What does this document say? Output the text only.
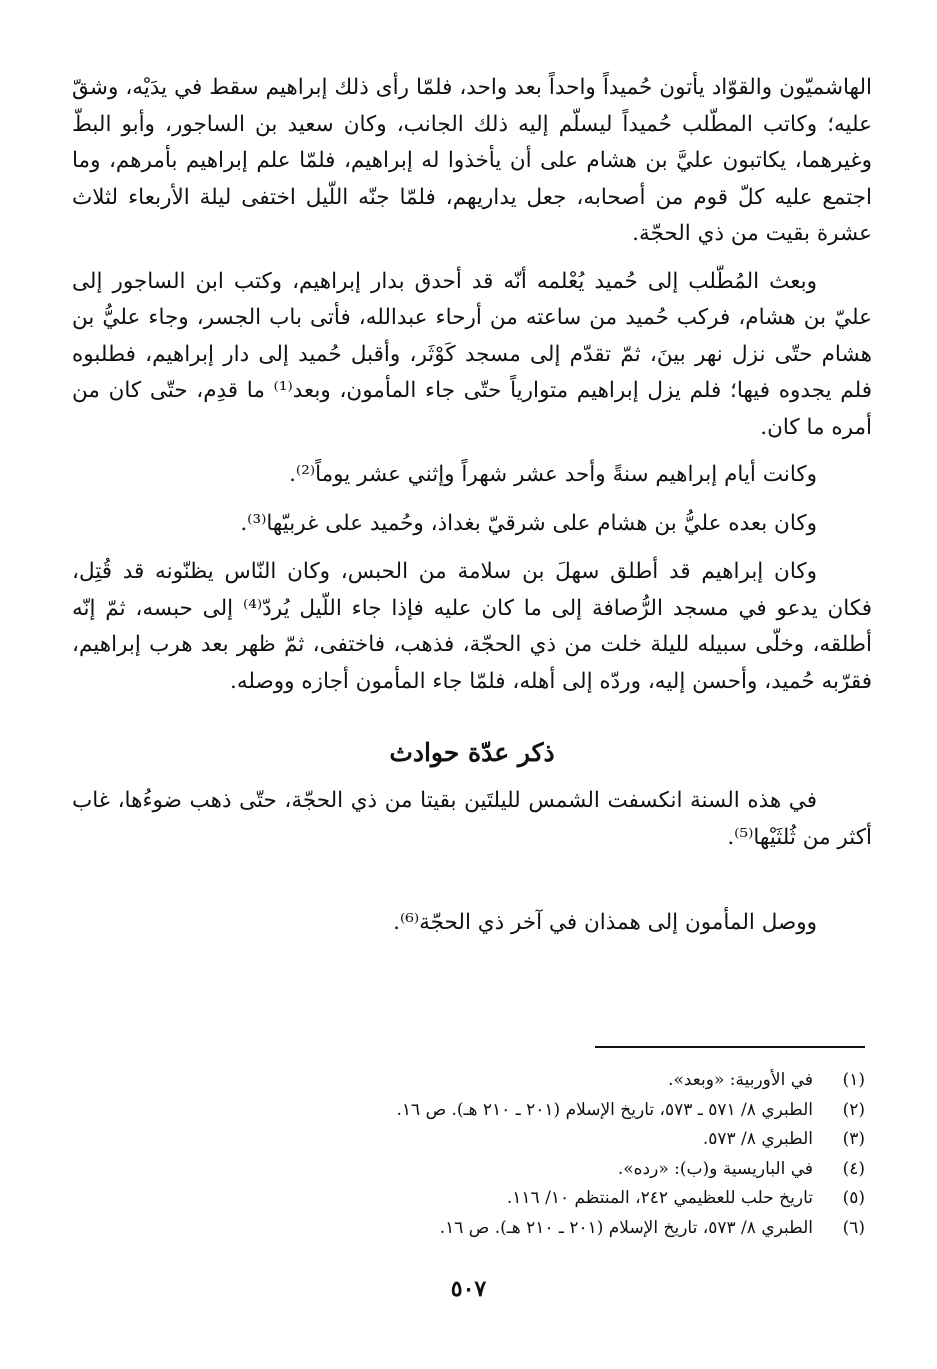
الهاشميّون والقوّاد يأتون حُميداً واحداً بعد واحد، فلمّا رأى ذلك إبراهيم سقط في يدَيْه، وشقّ عليه؛ وكاتب المطّلب حُميداً ليسلّم إليه ذلك الجانب، وكان سعيد بن الساجور، وأبو البطّ وغيرهما، يكاتبون عليَّ بن هشام على أن يأخذوا له إبراهيم، فلمّا علم إبراهيم بأمرهم، وما اجتمع عليه كلّ قوم من أصحابه، جعل يداريهم، فلمّا جنّه اللّيل اختفى ليلة الأربعاء لثلاث عشرة بقيت من ذي الحجّة.

وبعث المُطّلب إلى حُميد يُعْلمه أنّه قد أحدق بدار إبراهيم، وكتب ابن الساجور إلى عليّ بن هشام، فركب حُميد من ساعته من أرحاء عبدالله، فأتى باب الجسر، وجاء عليُّ بن هشام حتّى نزل نهر بينَ، ثمّ تقدّم إلى مسجد كَوْثَر، وأقبل حُميد إلى دار إبراهيم، فطلبوه فلم يجدوه فيها؛ فلم يزل إبراهيم متوارياً حتّى جاء المأمون، وبعد⁽¹⁾ ما قدِم، حتّى كان من أمره ما كان.

وكانت أيام إبراهيم سنةً وأحد عشر شهراً وإثني عشر يوماً⁽²⁾.

وكان بعده عليُّ بن هشام على شرقيّ بغداذ، وحُميد على غربيّها⁽³⁾.

وكان إبراهيم قد أطلق سهلَ بن سلامة من الحبس، وكان النّاس يظنّونه قد قُتِل، فكان يدعو في مسجد الرُّصافة إلى ما كان عليه فإذا جاء اللّيل يُردّ⁽⁴⁾ إلى حبسه، ثمّ إنّه أطلقه، وخلّى سبيله لليلة خلت من ذي الحجّة، فذهب، فاختفى، ثمّ ظهر بعد هرب إبراهيم، فقرّبه حُميد، وأحسن إليه، وردّه إلى أهله، فلمّا جاء المأمون أجازه ووصله.

ذكر عدّة حوادث

في هذه السنة انكسفت الشمس لليلتَين بقيتا من ذي الحجّة، حتّى ذهب ضوءُها، غاب أكثر من ثُلثَيْها⁽⁵⁾.

ووصل المأمون إلى همذان في آخر ذي الحجّة⁽⁶⁾.

(١)
في الأوربية: «وبعد».
(٢)
الطبري ٨/ ٥٧١ ـ ٥٧٣، تاريخ الإسلام (٢٠١ ـ ٢١٠ هـ). ص ١٦.
(٣)
الطبري ٨/ ٥٧٣.
(٤)
في الباريسية و(ب): «رده».
(٥)
تاريخ حلب للعظيمي ٢٤٢، المنتظم ١٠/ ١١٦.
(٦)
الطبري ٨/ ٥٧٣، تاريخ الإسلام (٢٠١ ـ ٢١٠ هـ). ص ١٦.
٥٠٧
